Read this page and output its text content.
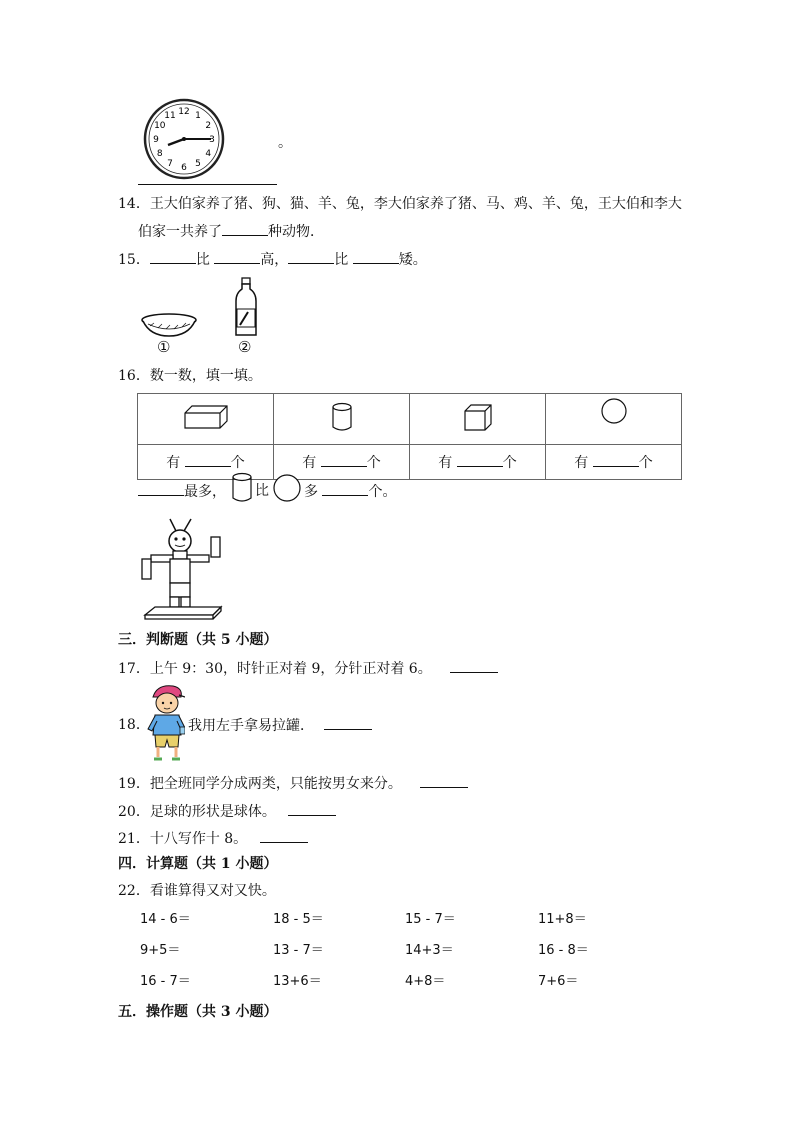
12 1
2
3
4
5
6
7
8
9
10
11
。
14．王大伯家养了猪、狗、猫、羊、兔，李大伯家养了猪、马、鸡、羊、兔，王大伯和李大
伯家一共养了	种动物．
15．	比	高，	比	矮。
①	②
16．数一数，填一填。

有 个	有 个	有 个	有 个
最多， 比	多	个。
三．判断题（共 5 小题）
17．上午 9：30，时针正对着 9，分针正对着 6。
18．	我用左手拿易拉罐．
19．把全班同学分成两类，只能按男女来分。
20．足球的形状是球体。
21．十八写作十 8。
四．计算题（共 1 小题）
22．看谁算得又对又快。
14 - 6＝	18 - 5＝	15 - 7＝	11+8＝
9+5＝	13 - 7＝	14+3＝	16 - 8＝
16 - 7＝	13+6＝	4+8＝	7+6＝
五．操作题（共 3 小题）
